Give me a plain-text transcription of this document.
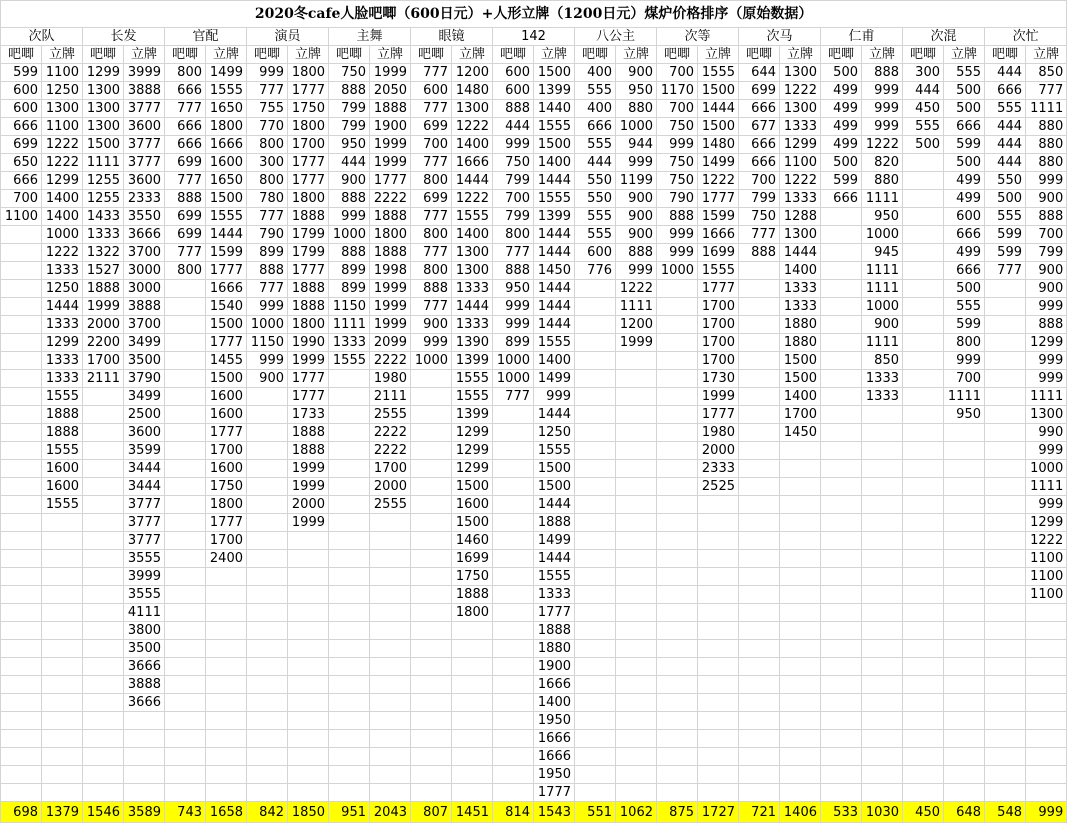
2020冬cafe人脸吧唧（600日元）+人形立牌（1200日元）煤炉价格排序（原始数据）																									
次队		长发		官配		演员		主舞		眼镜		142		八公主		次等		次马		仁甫		次混		次忙	
吧唧	立牌	吧唧	立牌	吧唧	立牌	吧唧	立牌	吧唧	立牌	吧唧	立牌	吧唧	立牌	吧唧	立牌	吧唧	立牌	吧唧	立牌	吧唧	立牌	吧唧	立牌	吧唧	立牌
599	1100	1299	3999	800	1499	999	1800	750	1999	777	1200	600	1500	400	900	700	1555	644	1300	500	888	300	555	444	850
600	1250	1300	3888	666	1555	777	1777	888	2050	600	1480	600	1399	555	950	1170	1500	699	1222	499	999	444	500	666	777
600	1300	1300	3777	777	1650	755	1750	799	1888	777	1300	888	1440	400	880	700	1444	666	1300	499	999	450	500	555	1111
666	1100	1300	3600	666	1800	770	1800	799	1900	699	1222	444	1555	666	1000	750	1500	677	1333	499	999	555	666	444	880
699	1222	1500	3777	666	1666	800	1700	950	1999	700	1400	999	1500	555	944	999	1480	666	1299	499	1222	500	599	444	880
650	1222	1111	3777	699	1600	300	1777	444	1999	777	1666	750	1400	444	999	750	1499	666	1100	500	820		500	444	880
666	1299	1255	3600	777	1650	800	1777	900	1777	800	1444	799	1444	550	1199	750	1222	700	1222	599	880		499	550	999
700	1400	1255	2333	888	1500	780	1800	888	2222	699	1222	700	1555	550	900	790	1777	799	1333	666	1111		499	500	900
1100	1400	1433	3550	699	1555	777	1888	999	1888	777	1555	799	1399	555	900	888	1599	750	1288		950		600	555	888
	1000	1333	3666	699	1444	790	1799	1000	1800	800	1400	800	1444	555	900	999	1666	777	1300		1000		666	599	700
	1222	1322	3700	777	1599	899	1799	888	1888	777	1300	777	1444	600	888	999	1699	888	1444		945		499	599	799
	1333	1527	3000	800	1777	888	1777	899	1998	800	1300	888	1450	776	999	1000	1555		1400		1111		666	777	900
	1250	1888	3000		1666	777	1888	899	1999	888	1333	950	1444		1222		1777		1333		1111		500		900
	1444	1999	3888		1540	999	1888	1150	1999	777	1444	999	1444		1111		1700		1333		1000		555		999
	1333	2000	3700		1500	1000	1800	1111	1999	900	1333	999	1444		1200		1700		1880		900		599		888
	1299	2200	3499		1777	1150	1990	1333	2099	999	1390	899	1555		1999		1700		1880		1111		800		1299
	1333	1700	3500		1455	999	1999	1555	2222	1000	1399	1000	1400				1700		1500		850		999		999
	1333	2111	3790		1500	900	1777		1980		1555	1000	1499				1730		1500		1333		700		999
	1555		3499		1600		1777		2111		1555	777	999				1999		1400		1333		1111		1111
	1888		2500		1600		1733		2555		1399		1444				1777		1700				950		1300
	1888		3600		1777		1888		2222		1299		1250				1980		1450						990
	1555		3599		1700		1888		2222		1299		1555				2000								999
	1600		3444		1600		1999		1700		1299		1500				2333								1000
	1600		3444		1750		1999		2000		1500		1500				2525								1111
	1555		3777		1800		2000		2555		1600		1444												999
			3777		1777		1999				1500		1888												1299
			3777		1700						1460		1499												1222
			3555		2400						1699		1444												1100
			3999								1750		1555												1100
			3555								1888		1333												1100
			4111								1800		1777												
			3800										1888												
			3500										1880												
			3666										1900												
			3888										1666												
			3666										1400												
													1950												
													1666												
													1666												
													1950												
													1777												
698	1379	1546	3589	743	1658	842	1850	951	2043	807	1451	814	1543	551	1062	875	1727	721	1406	533	1030	450	648	548	999
